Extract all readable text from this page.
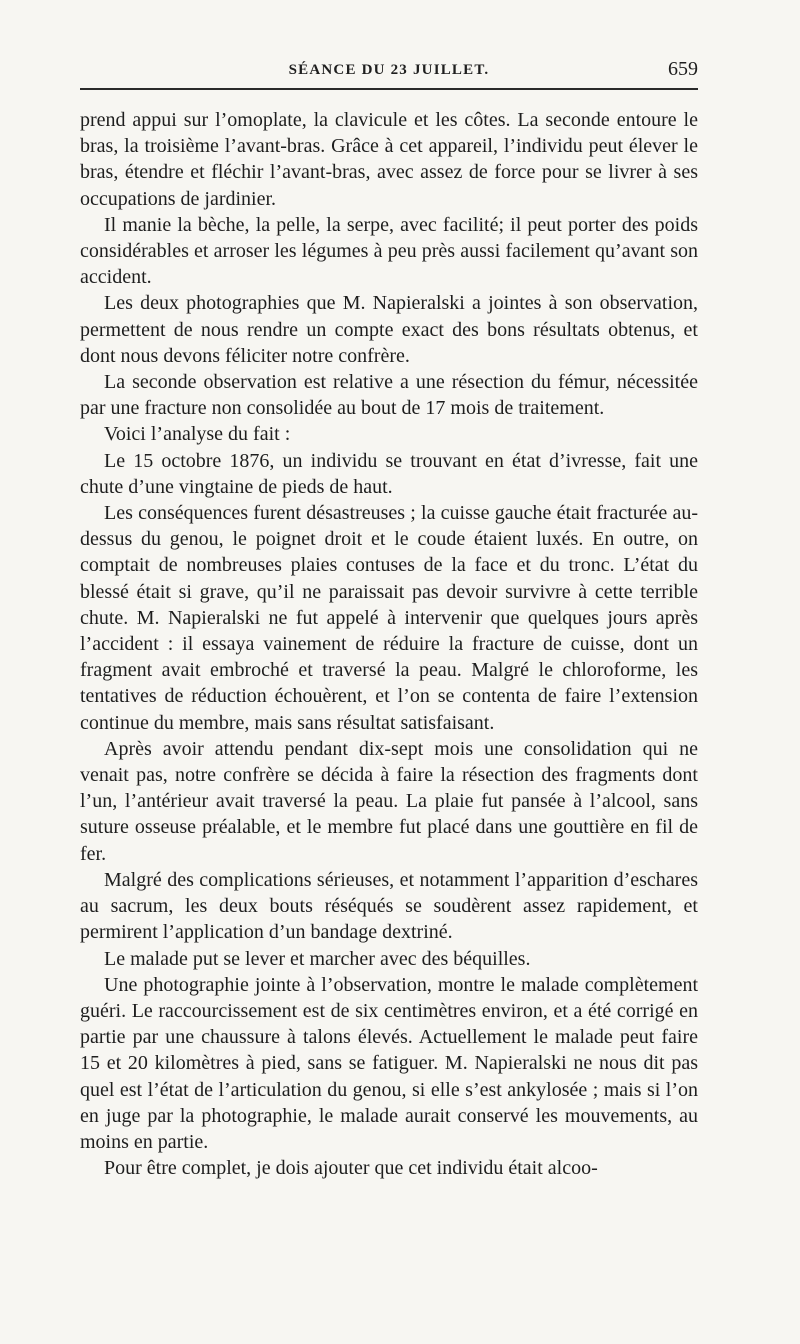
SÉANCE DU 23 JUILLET.	659

prend appui sur l’omoplate, la clavicule et les côtes. La seconde entoure le bras, la troisième l’avant-bras. Grâce à cet appareil, l’individu peut élever le bras, étendre et fléchir l’avant-bras, avec assez de force pour se livrer à ses occupations de jardinier.

Il manie la bèche, la pelle, la serpe, avec facilité; il peut porter des poids considérables et arroser les légumes à peu près aussi facilement qu’avant son accident.

Les deux photographies que M. Napieralski a jointes à son observation, permettent de nous rendre un compte exact des bons résultats obtenus, et dont nous devons féliciter notre confrère.

La seconde observation est relative a une résection du fémur, nécessitée par une fracture non consolidée au bout de 17 mois de traitement.

Voici l’analyse du fait :

Le 15 octobre 1876, un individu se trouvant en état d’ivresse, fait une chute d’une vingtaine de pieds de haut.

Les conséquences furent désastreuses ; la cuisse gauche était fracturée au-dessus du genou, le poignet droit et le coude étaient luxés. En outre, on comptait de nombreuses plaies contuses de la face et du tronc. L’état du blessé était si grave, qu’il ne paraissait pas devoir survivre à cette terrible chute. M. Napieralski ne fut appelé à intervenir que quelques jours après l’accident : il essaya vainement de réduire la fracture de cuisse, dont un fragment avait embroché et traversé la peau. Malgré le chloroforme, les tentatives de réduction échouèrent, et l’on se contenta de faire l’extension continue du membre, mais sans résultat satisfaisant.

Après avoir attendu pendant dix-sept mois une consolidation qui ne venait pas, notre confrère se décida à faire la résection des fragments dont l’un, l’antérieur avait traversé la peau. La plaie fut pansée à l’alcool, sans suture osseuse préalable, et le membre fut placé dans une gouttière en fil de fer.

Malgré des complications sérieuses, et notamment l’apparition d’eschares au sacrum, les deux bouts réséqués se soudèrent assez rapidement, et permirent l’application d’un bandage dextriné.

Le malade put se lever et marcher avec des béquilles.

Une photographie jointe à l’observation, montre le malade complètement guéri. Le raccourcissement est de six centimètres environ, et a été corrigé en partie par une chaussure à talons élevés. Actuellement le malade peut faire 15 et 20 kilomètres à pied, sans se fatiguer. M. Napieralski ne nous dit pas quel est l’état de l’articulation du genou, si elle s’est ankylosée ; mais si l’on en juge par la photographie, le malade aurait conservé les mouvements, au moins en partie.

Pour être complet, je dois ajouter que cet individu était alcoo-
